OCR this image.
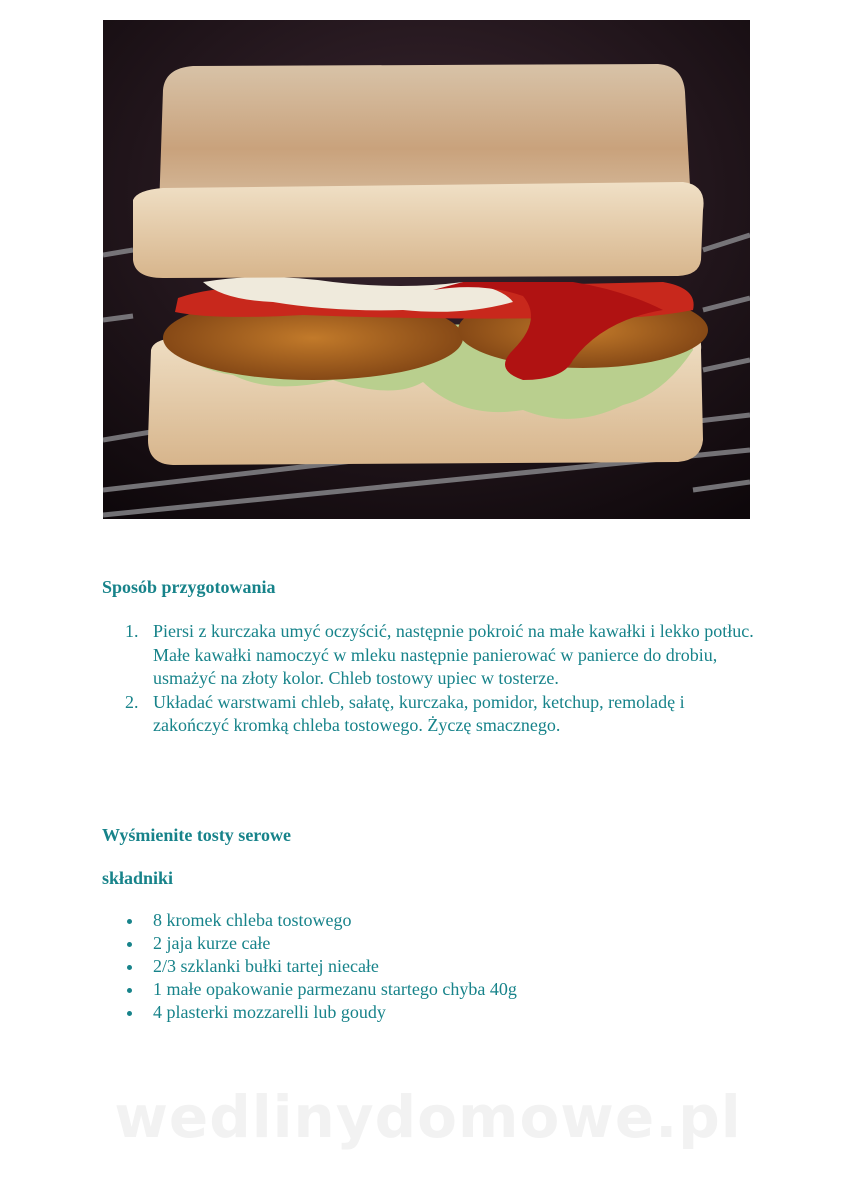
Sposób przygotowania
1. Piersi z kurczaka umyć oczyścić, następnie pokroić na małe kawałki i lekko potłuc. Małe kawałki namoczyć w mleku następnie panierować w panierce do drobiu, usmażyć na złoty kolor. Chleb tostowy upiec w tosterze.
2. Układać warstwami chleb, sałatę, kurczaka, pomidor, ketchup, remoladę i zakończyć kromką chleba tostowego. Życzę smacznego.
Wyśmienite tosty serowe
składniki
8 kromek chleba tostowego
2 jaja kurze całe
2/3 szklanki bułki tartej niecałe
1 małe opakowanie parmezanu startego chyba 40g
4 plasterki mozzarelli lub goudy
wedlinydomowe.pl
